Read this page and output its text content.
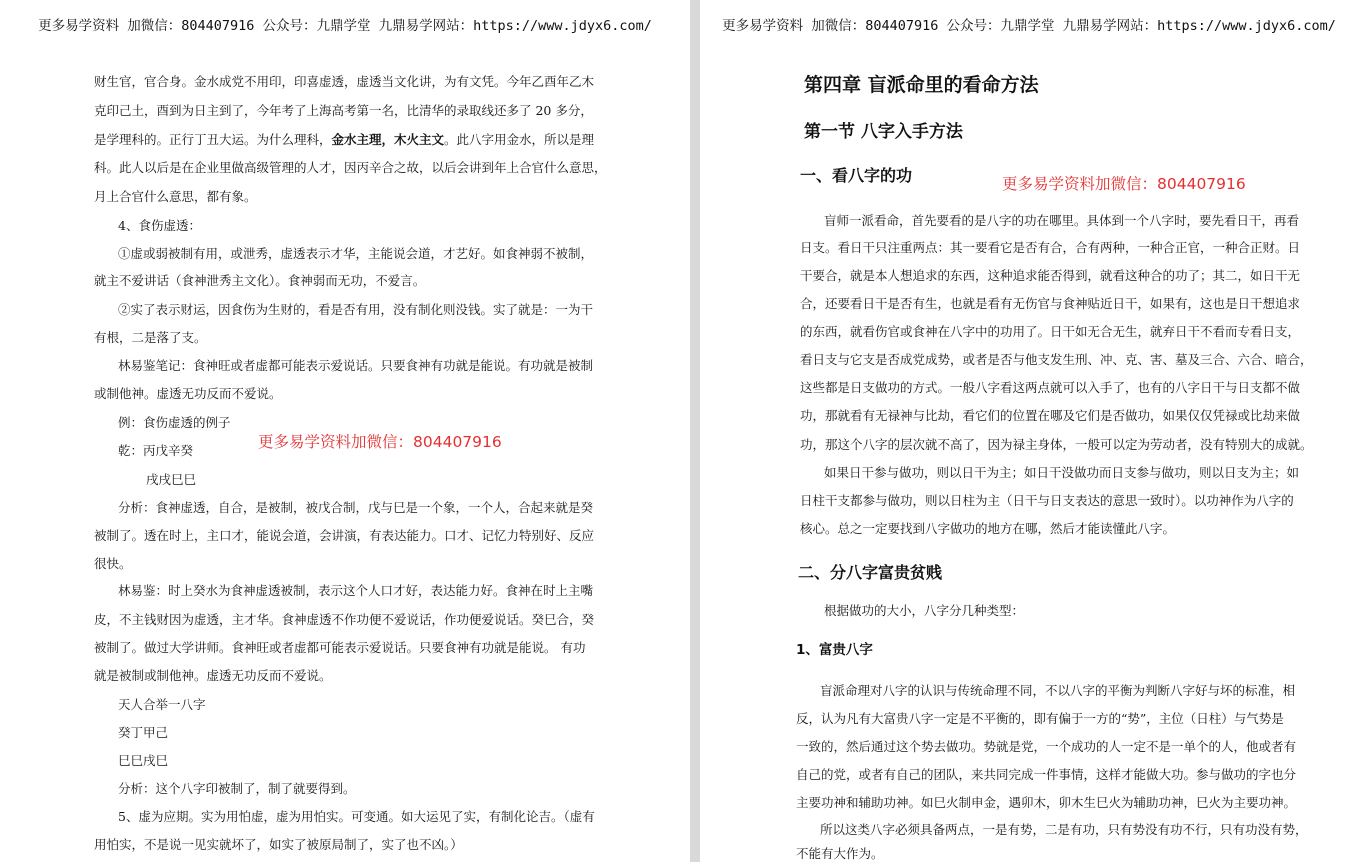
更多易学资料 加微信：804407916 公众号：九鼎学堂 九鼎易学网站：https://www.jdyx6.com/
财生官，官合身。金水成党不用印，印喜虚透，虚透当文化讲，为有文凭。今年乙酉年乙木
克印己土，酉到为日主到了，今年考了上海高考第一名，比清华的录取线还多了 20 多分，
是学理科的。正行丁丑大运。为什么理科，金水主理，木火主文。此八字用金水，所以是理
科。此人以后是在企业里做高级管理的人才，因丙辛合之故，以后会讲到年上合官什么意思，
月上合官什么意思，都有象。
4、食伤虚透：
①虚或弱被制有用，或泄秀，虚透表示才华，主能说会道，才艺好。如食神弱不被制，
就主不爱讲话（食神泄秀主文化）。食神弱而无功，不爱言。
②实了表示财运，因食伤为生财的，看是否有用，没有制化则没钱。实了就是：一为干
有根，二是落了支。
林易鉴笔记：食神旺或者虚都可能表示爱说话。只要食神有功就是能说。有功就是被制
或制他神。虚透无功反而不爱说。
例：食伤虚透的例子
乾：丙戊辛癸
戌戌巳巳
分析：食神虚透，自合，是被制，被戊合制，戊与巳是一个象，一个人，合起来就是癸
被制了。透在时上，主口才，能说会道，会讲演，有表达能力。口才、记忆力特别好、反应
很快。
林易鉴：时上癸水为食神虚透被制，表示这个人口才好，表达能力好。食神在时上主嘴
皮，不主钱财因为虚透，主才华。食神虚透不作功便不爱说话，作功便爱说话。癸巳合，癸
被制了。做过大学讲师。食神旺或者虚都可能表示爱说话。只要食神有功就是能说。 有功
就是被制或制他神。虚透无功反而不爱说。
天人合举一八字
癸丁甲己
巳巳戌巳
分析：这个八字印被制了，制了就要得到。
5、虚为应期。实为用怕虚，虚为用怕实。可变通。如大运见了实，有制化论吉。（虚有
用怕实，不是说一见实就坏了，如实了被原局制了，实了也不凶。）
更多易学资料加微信：804407916
更多易学资料 加微信：804407916 公众号：九鼎学堂 九鼎易学网站：https://www.jdyx6.com/
第四章 盲派命里的看命方法
第一节 八字入手方法
一、看八字的功	更多易学资料加微信：804407916
盲师一派看命，首先要看的是八字的功在哪里。具体到一个八字时，要先看日干，再看
日支。看日干只注重两点：其一要看它是否有合，合有两种，一种合正官，一种合正财。日
干要合，就是本人想追求的东西，这种追求能否得到，就看这种合的功了；其二，如日干无
合，还要看日干是否有生，也就是看有无伤官与食神贴近日干，如果有，这也是日干想追求
的东西，就看伤官或食神在八字中的功用了。日干如无合无生，就弃日干不看而专看日支，
看日支与它支是否成党成势，或者是否与他支发生刑、冲、克、害、墓及三合、六合、暗合，
这些都是日支做功的方式。一般八字看这两点就可以入手了，也有的八字日干与日支都不做
功，那就看有无禄神与比劫，看它们的位置在哪及它们是否做功，如果仅仅凭禄或比劫来做
功，那这个八字的层次就不高了，因为禄主身体，一般可以定为劳动者，没有特别大的成就。
如果日干参与做功，则以日干为主；如日干没做功而日支参与做功，则以日支为主；如
日柱干支都参与做功，则以日柱为主（日干与日支表达的意思一致时）。以功神作为八字的
核心。总之一定要找到八字做功的地方在哪，然后才能读懂此八字。
二、分八字富贵贫贱
根据做功的大小，八字分几种类型：
1、富贵八字
盲派命理对八字的认识与传统命理不同，不以八字的平衡为判断八字好与坏的标准，相
反，认为凡有大富贵八字一定是不平衡的，即有偏于一方的“势”，主位（日柱）与气势是
一致的，然后通过这个势去做功。势就是党，一个成功的人一定不是一单个的人，他或者有
自己的党，或者有自己的团队，来共同完成一件事情，这样才能做大功。参与做功的字也分
主要功神和辅助功神。如巳火制申金，遇卯木，卯木生巳火为辅助功神，巳火为主要功神。
所以这类八字必须具备两点，一是有势，二是有功，只有势没有功不行，只有功没有势，
不能有大作为。
